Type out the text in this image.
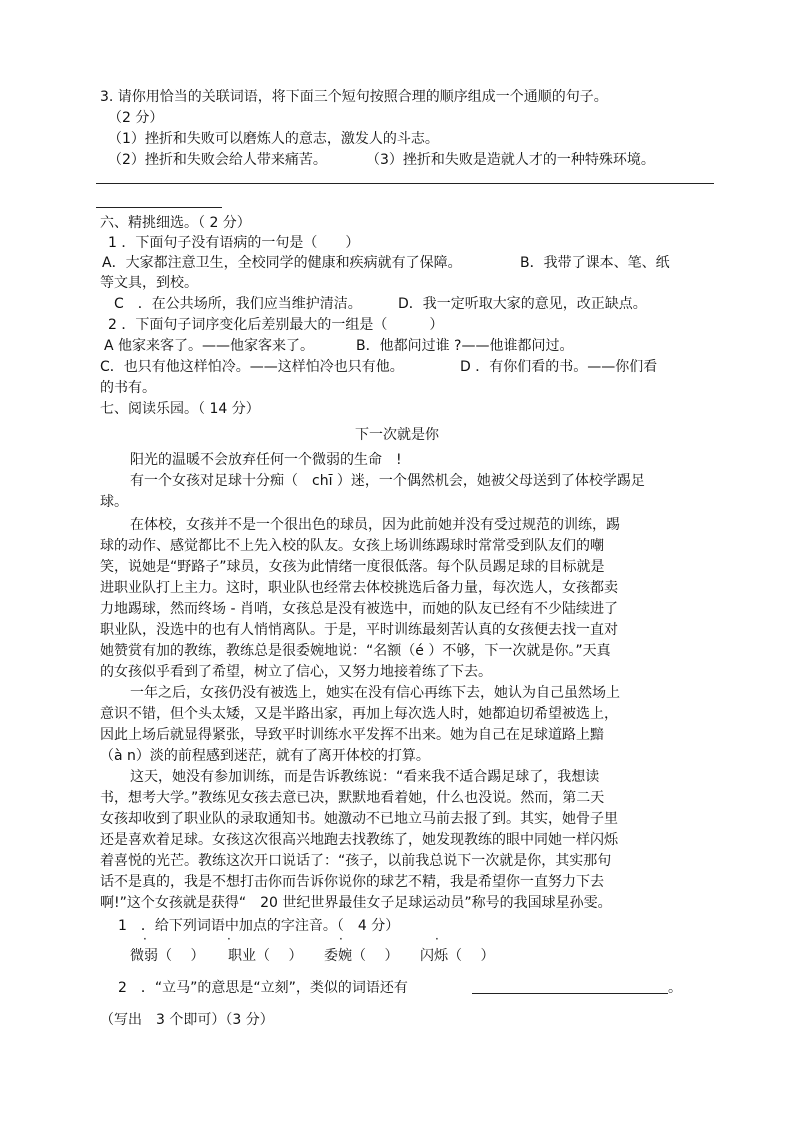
3. 请你用恰当的关联词语，将下面三个短句按照合理的顺序组成一个通顺的句子。
（2 分）
（1）挫折和失败可以磨炼人的意志，激发人的斗志。
（2）挫折和失败会给人带来痛苦。	（3）挫折和失败是造就人才的一种特殊环境。
六、精挑细选。（ 2 分）
1 ．下面句子没有语病的一句是（　　）
A．大家都注意卫生，全校同学的健康和疾病就有了保障。	B．我带了课本、笔、纸
等文具，到校。
C　．在公共场所，我们应当维护清洁。	D．我一定听取大家的意见，改正缺点。
2 ．下面句子词序变化后差别最大的一组是（　　　）
A 他家来客了。——他家客来了。	B．他都问过谁 ?——他谁都问过。
C．也只有他这样怕冷。——这样怕冷也只有他。	D ．有你们看的书。——你们看
的书有。
七、阅读乐园。（ 14 分）
下一次就是你
阳光的温暖不会放弃任何一个微弱的生命　!
有一个女孩对足球十分痴（　chī ）迷，一个偶然机会，她被父母送到了体校学踢足
球。
在体校，女孩并不是一个很出色的球员，因为此前她并没有受过规范的训练，踢
球的动作、感觉都比不上先入校的队友。女孩上场训练踢球时常常受到队友们的嘲
笑，说她是“野路子”球员，女孩为此情绪一度很低落。每个队员踢足球的目标就是
进职业队打上主力。这时，职业队也经常去体校挑选后备力量，每次选人，女孩都卖
力地踢球，然而终场 - 肖哨，女孩总是没有被选中，而她的队友已经有不少陆续进了
职业队，没选中的也有人悄悄离队。于是，平时训练最刻苦认真的女孩便去找一直对
她赞赏有加的教练，教练总是很委婉地说：“名额（é ）不够，下一次就是你。”天真
的女孩似乎看到了希望，树立了信心，又努力地接着练了下去。
一年之后，女孩仍没有被选上，她实在没有信心再练下去，她认为自己虽然场上
意识不错，但个头太矮，又是半路出家，再加上每次选人时，她都迫切希望被选上，
因此上场后就显得紧张，导致平时训练水平发挥不出来。她为自己在足球道路上黯
（à n）淡的前程感到迷茫，就有了离开体校的打算。
这天，她没有参加训练，而是告诉教练说：“看来我不适合踢足球了，我想读
书，想考大学。”教练见女孩去意已决，默默地看着她，什么也没说。然而，第二天
女孩却收到了职业队的录取通知书。她激动不已地立马前去报了到。其实，她骨子里
还是喜欢着足球。女孩这次很高兴地跑去找教练了，她发现教练的眼中同她一样闪烁
着喜悦的光芒。教练这次开口说话了：“孩子，以前我总说下一次就是你，其实那句
话不是真的，我是不想打击你而告诉你说你的球艺不精，我是希望你一直努力下去
啊!”这个女孩就是获得“　20 世纪世界最佳女子足球运动员”称号的我国球星孙雯。
1　．给下列词语中加点的字注音。（　4 分）
微弱（　 ） 职业（　 ） 委婉（　 ） 闪烁（　 ）
·	·	·	·
2　．“立马”的意思是“立刻”，类似的词语还有	。
（写出　3 个即可）（3 分）
